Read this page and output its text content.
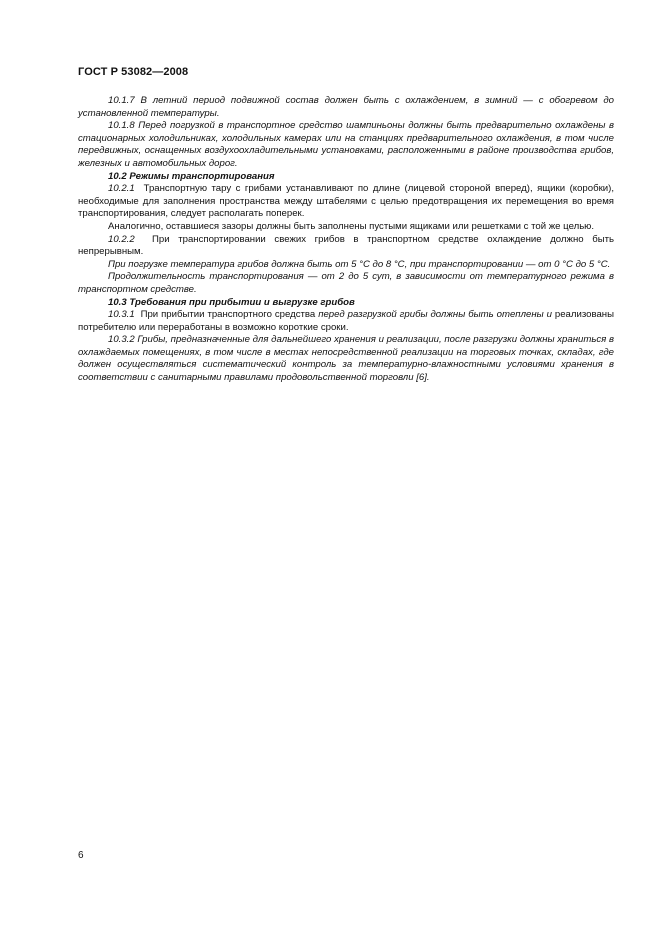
ГОСТ Р 53082—2008

10.1.7 В летний период подвижной состав должен быть с охлаждением, в зимний — с обогревом до установленной температуры.

10.1.8 Перед погрузкой в транспортное средство шампиньоны должны быть предварительно охлаждены в стационарных холодильниках, холодильных камерах или на станциях предварительного охлаждения, в том числе передвижных, оснащенных воздухоохладительными установками, расположенными в районе производства грибов, железных и автомобильных дорог.

10.2 Режимы транспортирования

10.2.1 Транспортную тару с грибами устанавливают по длине (лицевой стороной вперед), ящики (коробки), необходимые для заполнения пространства между штабелями с целью предотвращения их перемещения во время транспортирования, следует располагать поперек.

Аналогично, оставшиеся зазоры должны быть заполнены пустыми ящиками или решетками с той же целью.

10.2.2 При транспортировании свежих грибов в транспортном средстве охлаждение должно быть непрерывным.

При погрузке температура грибов должна быть от 5 °С до 8 °С, при транспортировании — от 0 °С до 5 °С.

Продолжительность транспортирования — от 2 до 5 сут, в зависимости от температурного режима в транспортном средстве.

10.3 Требования при прибытии и выгрузке грибов

10.3.1 При прибытии транспортного средства перед разгрузкой грибы должны быть отеплены и реализованы потребителю или переработаны в возможно короткие сроки.

10.3.2 Грибы, предназначенные для дальнейшего хранения и реализации, после разгрузки должны храниться в охлаждаемых помещениях, в том числе в местах непосредственной реализации на торговых точках, складах, где должен осуществляться систематический контроль за температурно-влажностными условиями хранения в соответствии с санитарными правилами продовольственной торговли [6].

6
